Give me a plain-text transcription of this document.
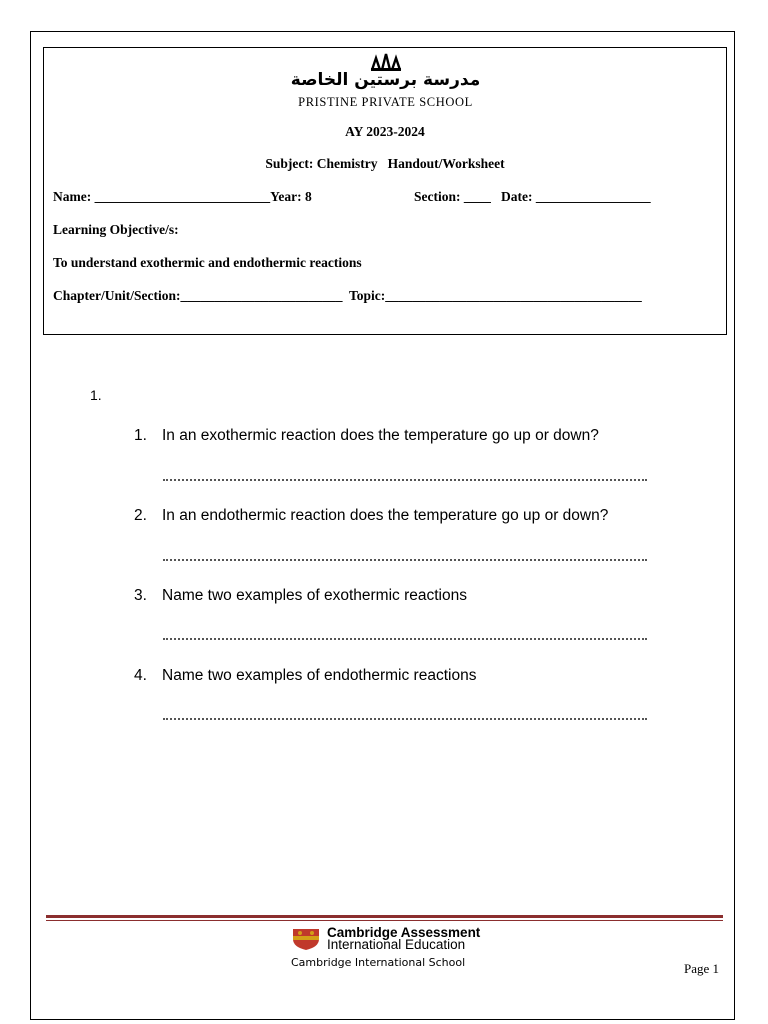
مدرسة برستين الخاصة
PRISTINE PRIVATE SCHOOL
AY 2023-2024
Subject: Chemistry   Handout/Worksheet
Name: __________________________Year: 8	Section: ____   Date: _________________
Learning Objective/s:
To understand exothermic and endothermic reactions
Chapter/Unit/Section:________________________  Topic:______________________________________
1.
1. In an exothermic reaction does the temperature go up or down?
2. In an endothermic reaction does the temperature go up or down?
3. Name two examples of exothermic reactions
4. Name two examples of endothermic reactions
Cambridge Assessment
International Education
Cambridge International School	Page 1
